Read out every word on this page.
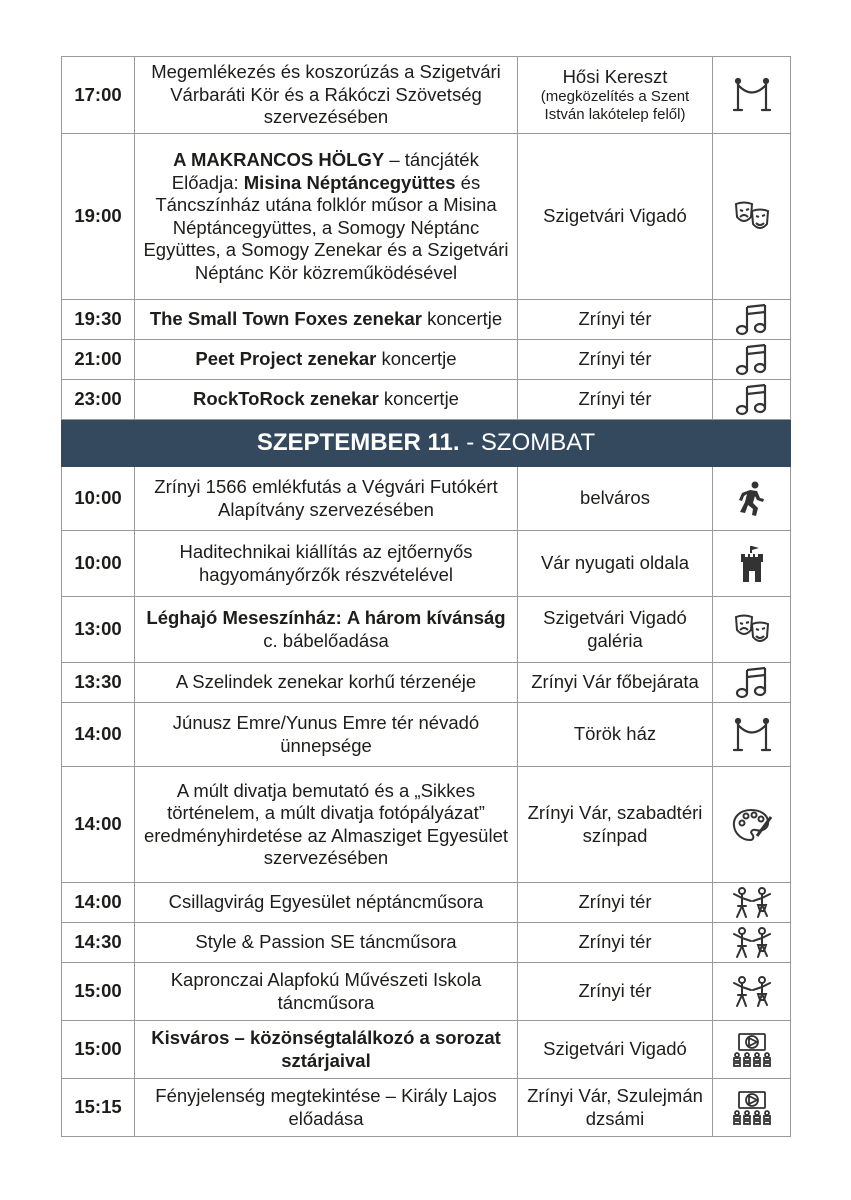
17:00	Megemlékezés és koszorúzás a Szigetvári Várbaráti Kör és a Rákóczi Szövetség szervezésében	Hősi Kereszt
(megközelítés a Szent István lakótelep felől)

19:00	A MAKRANCOS HÖLGY – táncjáték Előadja: Misina Néptáncegyüttes és Táncszínház utána folklór műsor a Misina Néptáncegyüttes, a Somogy Néptánc Együttes, a Somogy Zenekar és a Szigetvári Néptánc Kör közreműködésével	Szigetvári Vigadó

19:30	The Small Town Foxes zenekar koncertje	Zrínyi tér

21:00	Peet Project zenekar koncertje	Zrínyi tér

23:00	RockToRock zenekar koncertje	Zrínyi tér

SZEPTEMBER 11. - SZOMBAT			
10:00	Zrínyi 1566 emlékfutás a Végvári Futókért Alapítvány szervezésében	belváros

10:00	Haditechnikai kiállítás az ejtőernyős hagyományőrzők részvételével	Vár nyugati oldala

13:00	Léghajó Meseszínház: A három kívánság c. bábelőadása	Szigetvári Vigadó galéria

13:30	A Szelindek zenekar korhű térzenéje	Zrínyi Vár főbejárata

14:00	Júnusz Emre/Yunus Emre tér névadó ünnepsége	Török ház

14:00	A múlt divatja bemutató és a „Sikkes történelem, a múlt divatja fotópályázat” eredményhirdetése az Almasziget Egyesület szervezésében	Zrínyi Vár, szabadtéri színpad

14:00	Csillagvirág Egyesület néptáncműsora	Zrínyi tér

14:30	Style & Passion SE táncműsora	Zrínyi tér

15:00	Kapronczai Alapfokú Művészeti Iskola táncműsora	Zrínyi tér

15:00	Kisváros – közönségtalálkozó a sorozat sztárjaival	Szigetvári Vigadó

15:15	Fényjelenség megtekintése – Király Lajos előadása	Zrínyi Vár, Szulejmán dzsámi
